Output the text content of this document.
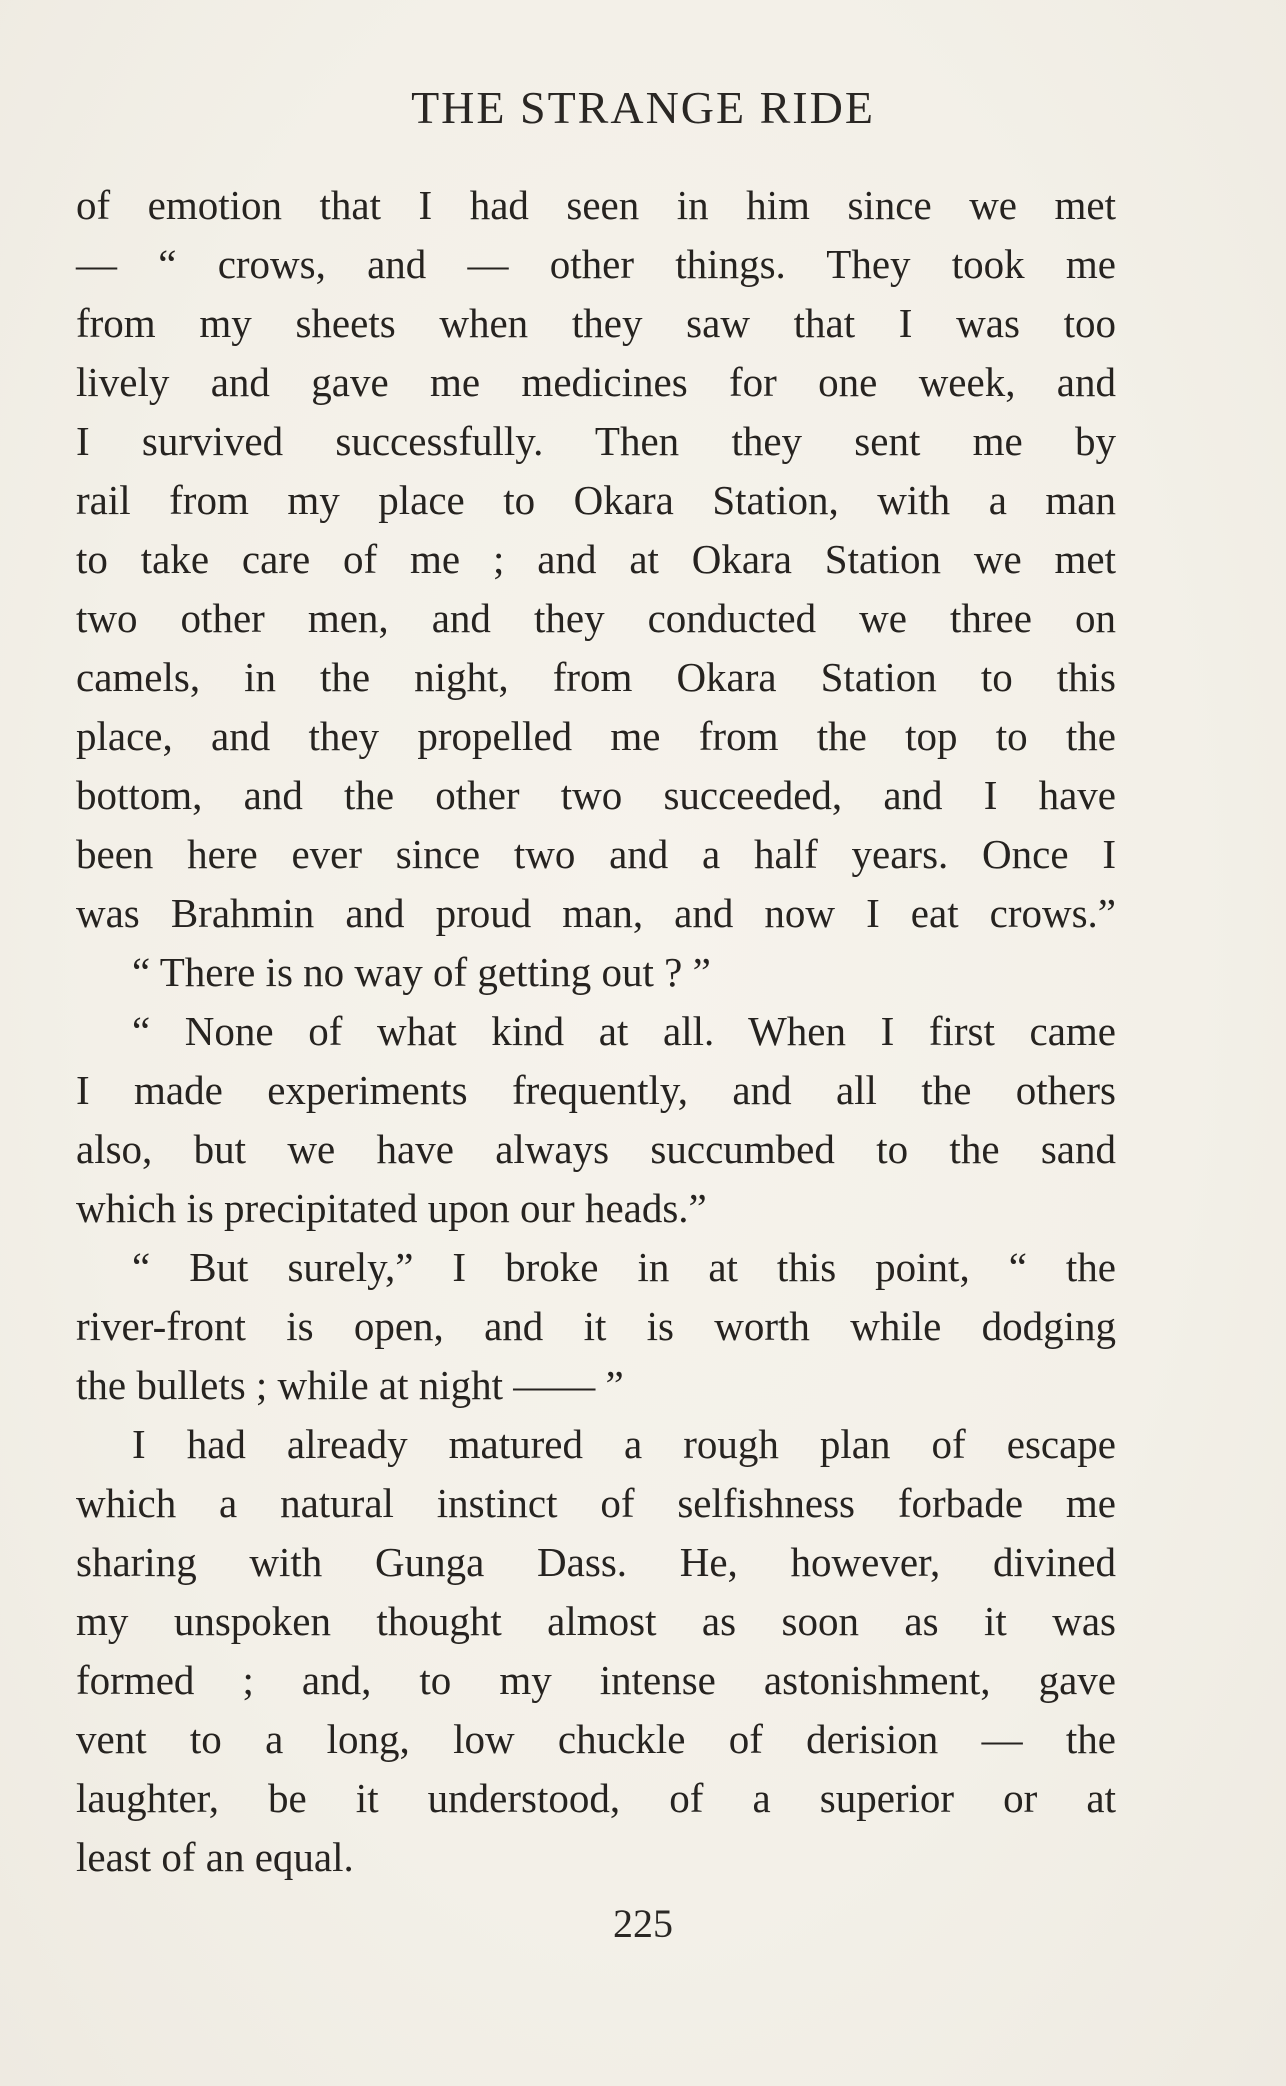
THE STRANGE RIDE
of emotion that I had seen in him since we met
— “ crows, and — other things. They took me
from my sheets when they saw that I was too
lively and gave me medicines for one week, and
I survived successfully. Then they sent me by
rail from my place to Okara Station, with a man
to take care of me ; and at Okara Station we met
two other men, and they conducted we three on
camels, in the night, from Okara Station to this
place, and they propelled me from the top to the
bottom, and the other two succeeded, and I have
been here ever since two and a half years. Once I
was Brahmin and proud man, and now I eat crows.”
“ There is no way of getting out ? ”
“ None of what kind at all. When I first came
I made experiments frequently, and all the others
also, but we have always succumbed to the sand
which is precipitated upon our heads.”
“ But surely,” I broke in at this point, “ the
river-front is open, and it is worth while dodging
the bullets ; while at night —— ”
I had already matured a rough plan of escape
which a natural instinct of selfishness forbade me
sharing with Gunga Dass. He, however, divined
my unspoken thought almost as soon as it was
formed ; and, to my intense astonishment, gave
vent to a long, low chuckle of derision — the
laughter, be it understood, of a superior or at
least of an equal.
225
